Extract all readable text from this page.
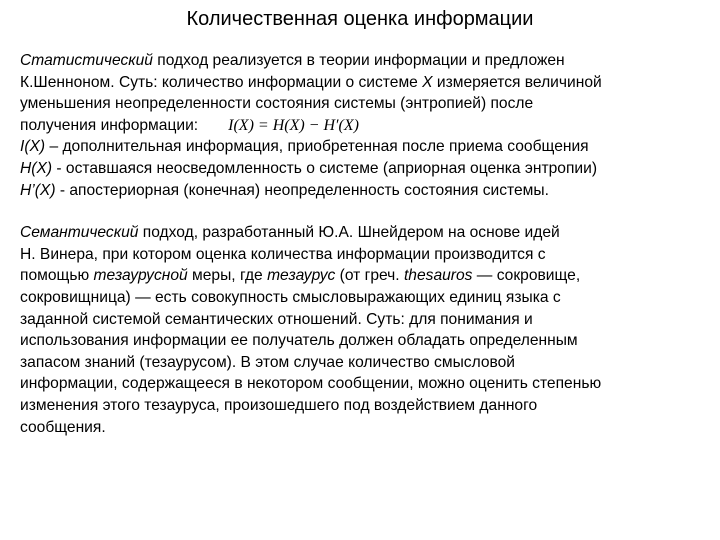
Количественная оценка информации
Статистический подход реализуется в теории информации и предложен
К.Шенноном. Суть: количество информации о системе X измеряется величиной
уменьшения неопределенности состояния системы (энтропией) после
получения информации: I(X) = H(X) − H′(X)
I(X) – дополнительная информация, приобретенная после приема сообщения
H(X) - оставшаяся неосведомленность о системе (априорная оценка энтропии)
H’(X) - апостериорная (конечная) неопределенность состояния системы.
Семантический подход, разработанный Ю.А. Шнейдером на основе идей
Н. Винера, при котором оценка количества информации производится с
помощью тезаурусной меры, где тезаурус (от греч. thesauros — сокровище,
сокровищница) — есть совокупность смысловыражающих единиц языка с
заданной системой семантических отношений. Суть: для понимания и
использования информации ее получатель должен обладать определенным
запасом знаний (тезаурусом). В этом случае количество смысловой
информации, содержащееся в некотором сообщении, можно оценить степенью
изменения этого тезауруса, произошедшего под воздействием данного
сообщения.
